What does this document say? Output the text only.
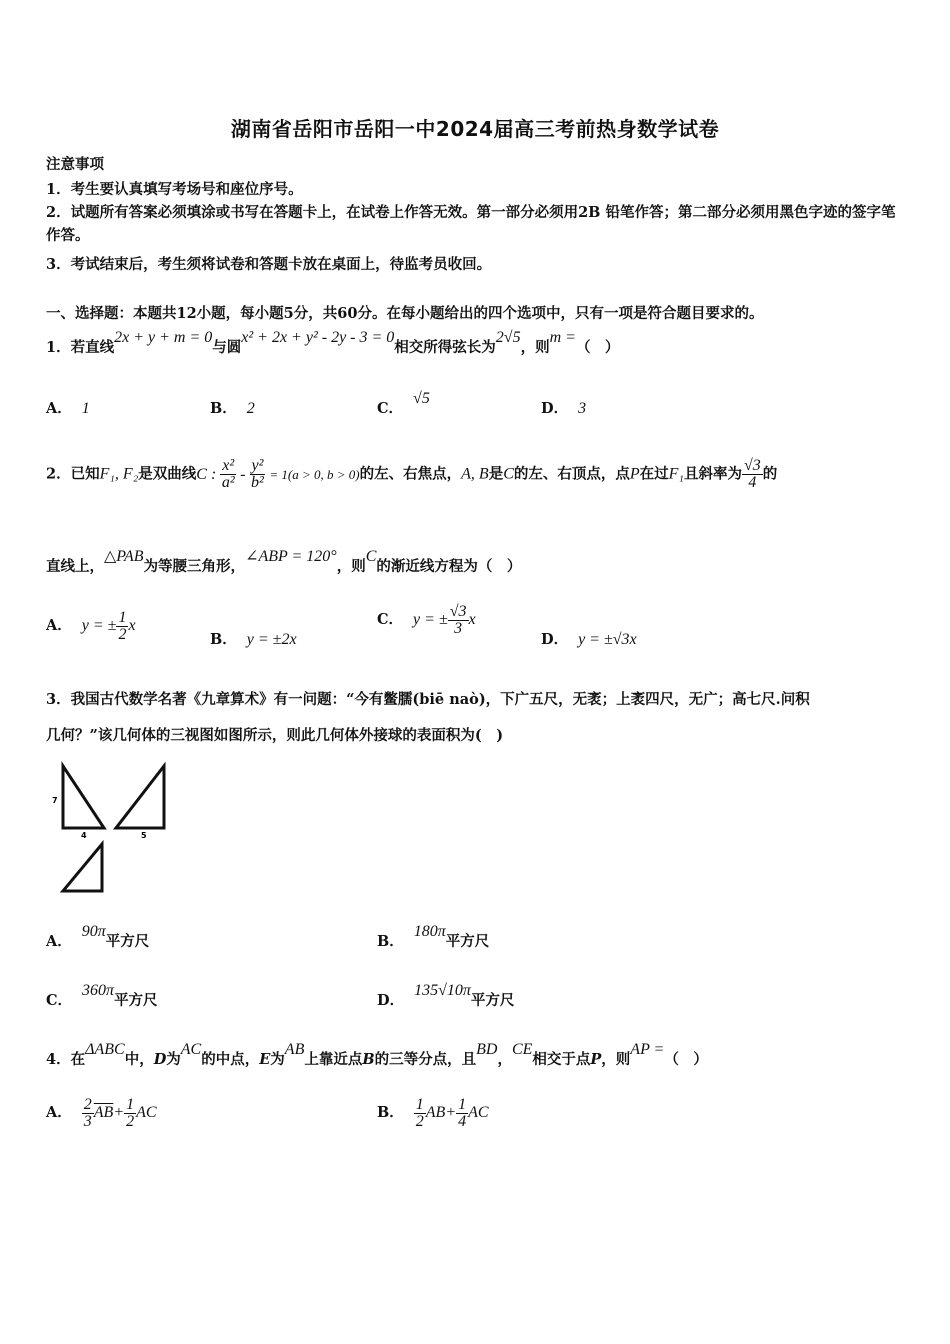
湖南省岳阳市岳阳一中2024届高三考前热身数学试卷
注意事项
1．考生要认真填写考场号和座位序号。
2．试题所有答案必须填涂或书写在答题卡上，在试卷上作答无效。第一部分必须用2B 铅笔作答；第二部分必须用黑色字迹的签字笔作答。
3．考试结束后，考生须将试卷和答题卡放在桌面上，待监考员收回。
一、选择题：本题共12小题，每小题5分，共60分。在每小题给出的四个选项中，只有一项是符合题目要求的。
1．若直线2x + y + m = 0与圆x² + 2x + y² - 2y - 3 = 0相交所得弦长为2√5，则m =（　）
A． 1	B． 2	C．√5
D． 3
2．已知F₁, F₂是双曲线C : $\frac{\text{x²}}{\text{a²}} - \frac{\text{y²}}{\text{b²}} = 1(a > 0$, b > 0)的左、右焦点，A, B是C的左、右顶点，点P在过F₁且斜率为 $\frac{√3}{4}$ 的
直线上，△PAB为等腰三角形，∠ABP = 120°，则C的渐近线方程为（　）
A． y = ± $\frac{1}{2}$ x
B． y = ±2x
C． y = ± $\frac{√3}{3}$ x
D． y = ±√3x
3．我国古代数学名著《九章算术》有一问题：“今有鳖臑(biē naò)，下广五尺，无袤；上袤四尺，无广；高七尺.问积
几何？”该几何体的三视图如图所示，则此几何体外接球的表面积为(　)
7
4	5
A．90π平方尺	B．180π平方尺
C．360π平方尺	D．135√10π平方尺
4．在ΔABC中，D为AC的中点，E为AB上靠近点B的三等分点，且BD，CE相交于点P，则AP =（　）
A． $\frac{2}{3} \overline{AB}+ \frac{1}{2}$ AC	B． $\frac{1}{2} AB+ \frac{1}{4}$ AC
